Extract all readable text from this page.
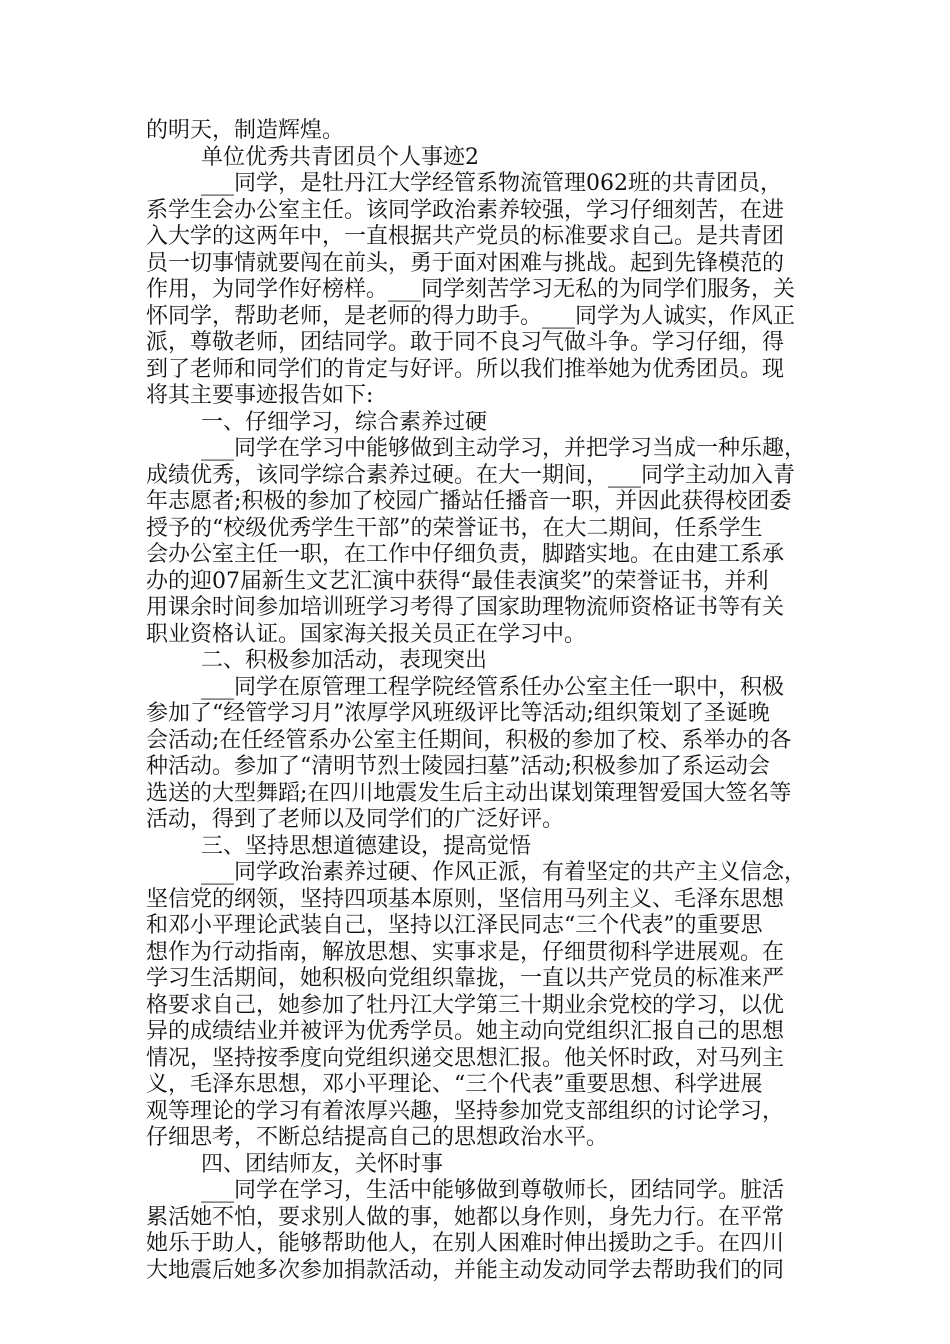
的明天，制造辉煌。
单位优秀共青团员个人事迹2
___同学，是牡丹江大学经管系物流管理062班的共青团员，
系学生会办公室主任。该同学政治素养较强，学习仔细刻苦，在进
入大学的这两年中，一直根据共产党员的标准要求自己。是共青团
员一切事情就要闯在前头，勇于面对困难与挑战。起到先锋模范的
作用，为同学作好榜样。___同学刻苦学习无私的为同学们服务，关
怀同学，帮助老师，是老师的得力助手。___同学为人诚实，作风正
派，尊敬老师，团结同学。敢于同不良习气做斗争。学习仔细，得
到了老师和同学们的肯定与好评。所以我们推举她为优秀团员。现
将其主要事迹报告如下:
一、仔细学习，综合素养过硬
___同学在学习中能够做到主动学习，并把学习当成一种乐趣，
成绩优秀，该同学综合素养过硬。在大一期间，___同学主动加入青
年志愿者;积极的参加了校园广播站任播音一职，并因此获得校团委
授予的“校级优秀学生干部”的荣誉证书，在大二期间，任系学生
会办公室主任一职，在工作中仔细负责，脚踏实地。在由建工系承
办的迎07届新生文艺汇演中获得“最佳表演奖”的荣誉证书，并利
用课余时间参加培训班学习考得了国家助理物流师资格证书等有关
职业资格认证。国家海关报关员正在学习中。
二、积极参加活动，表现突出
___同学在原管理工程学院经管系任办公室主任一职中，积极
参加了“经管学习月”浓厚学风班级评比等活动;组织策划了圣诞晚
会活动;在任经管系办公室主任期间，积极的参加了校、系举办的各
种活动。参加了“清明节烈士陵园扫墓”活动;积极参加了系运动会
选送的大型舞蹈;在四川地震发生后主动出谋划策理智爱国大签名等
活动，得到了老师以及同学们的广泛好评。
三、坚持思想道德建设，提高觉悟
___同学政治素养过硬、作风正派，有着坚定的共产主义信念，
坚信党的纲领，坚持四项基本原则，坚信用马列主义、毛泽东思想
和邓小平理论武装自己，坚持以江泽民同志“三个代表”的重要思
想作为行动指南，解放思想、实事求是，仔细贯彻科学进展观。在
学习生活期间，她积极向党组织靠拢，一直以共产党员的标准来严
格要求自己，她参加了牡丹江大学第三十期业余党校的学习，以优
异的成绩结业并被评为优秀学员。她主动向党组织汇报自己的思想
情况，坚持按季度向党组织递交思想汇报。他关怀时政，对马列主
义，毛泽东思想，邓小平理论、“三个代表”重要思想、科学进展
观等理论的学习有着浓厚兴趣，坚持参加党支部组织的讨论学习，
仔细思考，不断总结提高自己的思想政治水平。
四、团结师友，关怀时事
___同学在学习，生活中能够做到尊敬师长，团结同学。脏活
累活她不怕，要求别人做的事，她都以身作则，身先力行。在平常
她乐于助人，能够帮助他人，在别人困难时伸出援助之手。在四川
大地震后她多次参加捐款活动，并能主动发动同学去帮助我们的同
